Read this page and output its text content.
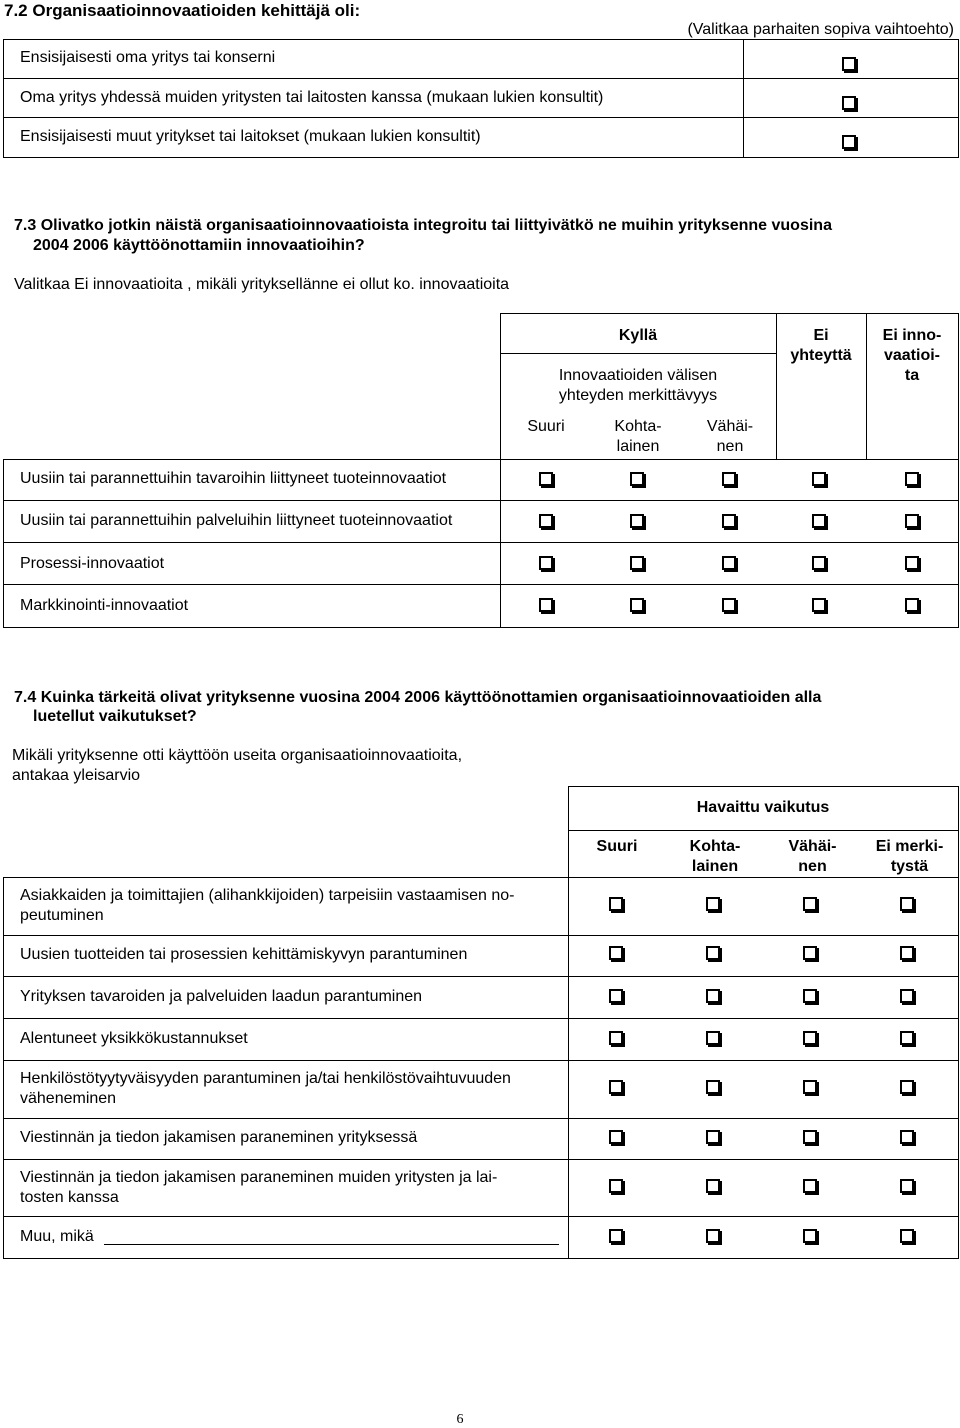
7.2 Organisaatioinnovaatioiden kehittäjä oli:
(Valitkaa parhaiten sopiva vaihtoehto)
Ensisijaisesti oma yritys tai konserni
Oma yritys yhdessä muiden yritysten tai laitosten kanssa (mukaan lukien konsultit)
Ensisijaisesti muut yritykset tai laitokset (mukaan lukien konsultit)
7.3 Olivatko jotkin näistä organisaatioinnovaatioista integroitu tai liittyivätkö ne muihin yrityksenne vuosina
2004 2006 käyttöönottamiin innovaatioihin?
Valitkaa Ei innovaatioita , mikäli yrityksellänne ei ollut ko. innovaatioita
Kyllä
Innovaatioiden välisen
yhteyden merkittävyys
Suuri	Kohta-
lainen
Vähäi-
nen
Ei
yhteyttä
Ei inno-
vaatioi-
ta
Uusiin tai parannettuihin tavaroihin liittyneet tuoteinnovaatiot
Uusiin tai parannettuihin palveluihin liittyneet tuoteinnovaatiot
Prosessi-innovaatiot
Markkinointi-innovaatiot
7.4 Kuinka tärkeitä olivat yrityksenne vuosina 2004 2006 käyttöönottamien organisaatioinnovaatioiden alla
luetellut vaikutukset?
Mikäli yrityksenne otti käyttöön useita organisaatioinnovaatioita,
antakaa yleisarvio
Havaittu vaikutus
Suuri	Kohta-
lainen
Vähäi-
nen
Ei merki-
tystä
Asiakkaiden ja toimittajien (alihankkijoiden) tarpeisiin vastaamisen no-
peutuminen
Uusien tuotteiden tai prosessien kehittämiskyvyn parantuminen
Yrityksen tavaroiden ja palveluiden laadun parantuminen
Alentuneet yksikkökustannukset
Henkilöstötyytyväisyyden parantuminen ja/tai henkilöstövaihtuvuuden
väheneminen
Viestinnän ja tiedon jakamisen paraneminen yrityksessä
Viestinnän ja tiedon jakamisen paraneminen muiden yritysten ja lai-
tosten kanssa
Muu, mikä
6
